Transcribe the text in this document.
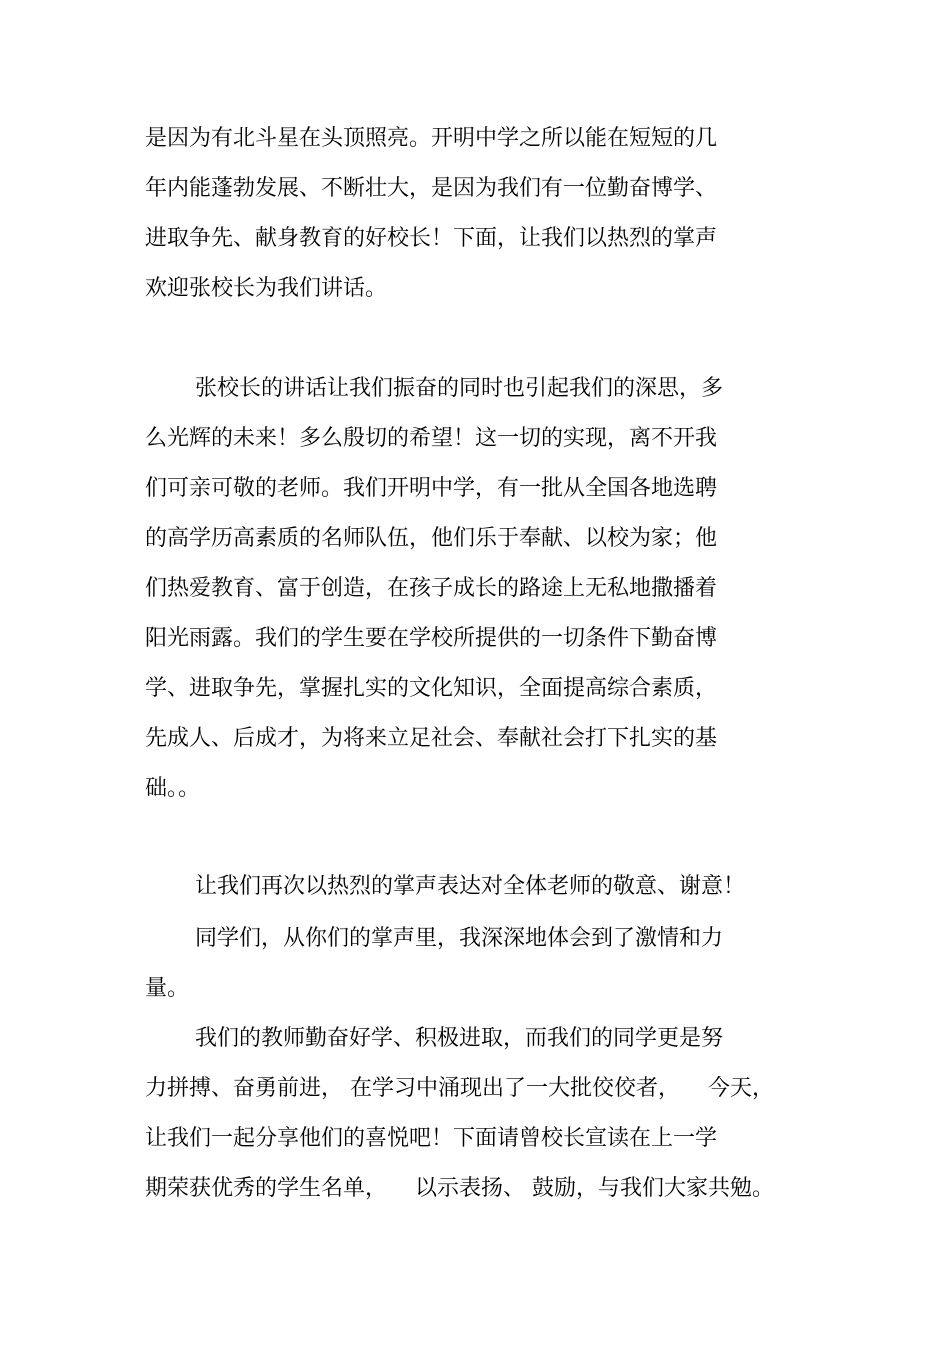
是因为有北斗星在头顶照亮。开明中学之所以能在短短的几
年内能蓬勃发展、不断壮大，是因为我们有一位勤奋博学、
进取争先、献身教育的好校长！下面，让我们以热烈的掌声
欢迎张校长为我们讲话。
张校长的讲话让我们振奋的同时也引起我们的深思，多
么光辉的未来！多么殷切的希望！这一切的实现，离不开我
们可亲可敬的老师。我们开明中学，有一批从全国各地选聘
的高学历高素质的名师队伍，他们乐于奉献、以校为家；他
们热爱教育、富于创造，在孩子成长的路途上无私地撒播着
阳光雨露。我们的学生要在学校所提供的一切条件下勤奋博
学、进取争先，掌握扎实的文化知识，全面提高综合素质，
先成人、后成才，为将来立足社会、奉献社会打下扎实的基
础。。
让我们再次以热烈的掌声表达对全体老师的敬意、谢意！
同学们，从你们的掌声里，我深深地体会到了激情和力
量。
我们的教师勤奋好学、积极进取，而我们的同学更是努
力拼搏、奋勇前进， 在学习中涌现出了一大批佼佼者，    今天，
让我们一起分享他们的喜悦吧！下面请曾校长宣读在上一学
期荣获优秀的学生名单，    以示表扬、 鼓励，与我们大家共勉。
